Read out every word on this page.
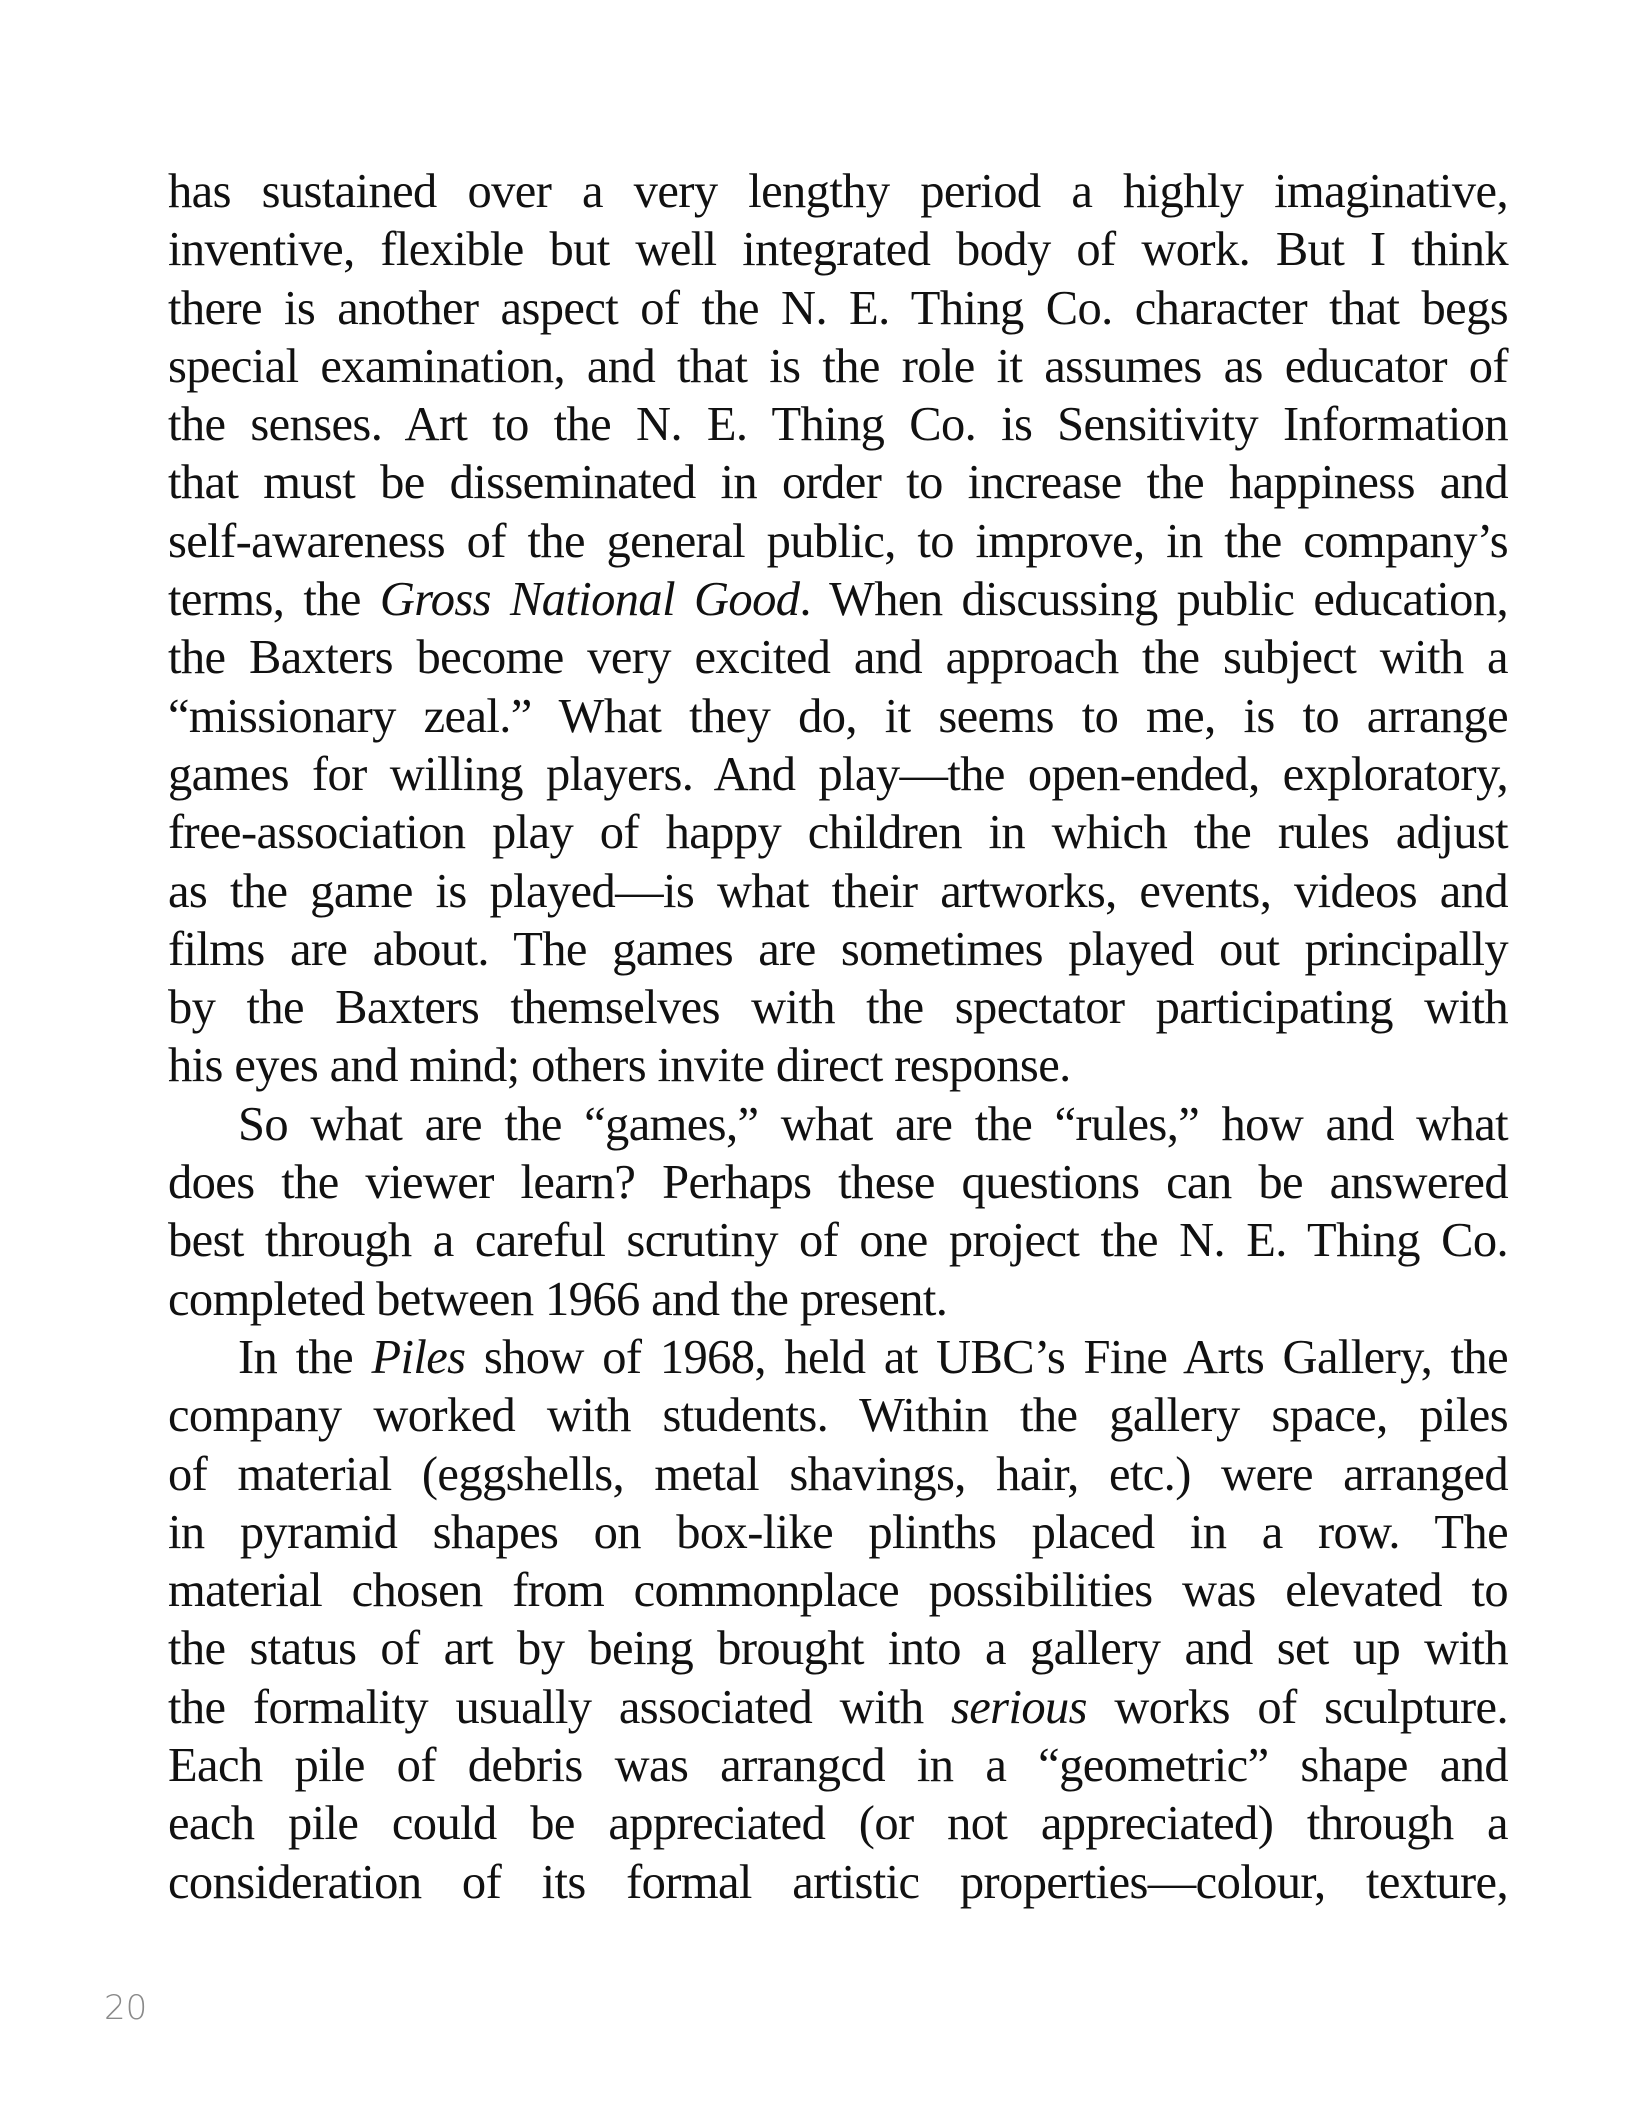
has sustained over a very lengthy period a highly imaginative,
inventive, flexible but well integrated body of work. But I think
there is another aspect of the N. E. Thing Co. character that begs
special examination, and that is the role it assumes as educator of
the senses. Art to the N. E. Thing Co. is Sensitivity Information
that must be disseminated in order to increase the happiness and
self-awareness of the general public, to improve, in the company’s
terms, the Gross National Good. When discussing public education,
the Baxters become very excited and approach the subject with a
“missionary zeal.” What they do, it seems to me, is to arrange
games for willing players. And play—the open-ended, exploratory,
free-association play of happy children in which the rules adjust
as the game is played—is what their artworks, events, videos and
films are about. The games are sometimes played out principally
by the Baxters themselves with the spectator participating with
his eyes and mind; others invite direct response.
So what are the “games,” what are the “rules,” how and what
does the viewer learn? Perhaps these questions can be answered
best through a careful scrutiny of one project the N. E. Thing Co.
completed between 1966 and the present.
In the Piles show of 1968, held at UBC’s Fine Arts Gallery, the
company worked with students. Within the gallery space, piles
of material (eggshells, metal shavings, hair, etc.) were arranged
in pyramid shapes on box-like plinths placed in a row. The
material chosen from commonplace possibilities was elevated to
the status of art by being brought into a gallery and set up with
the formality usually associated with serious works of sculpture.
Each pile of debris was arrangcd in a “geometric” shape and
each pile could be appreciated (or not appreciated) through a
consideration of its formal artistic properties—colour, texture,
20
